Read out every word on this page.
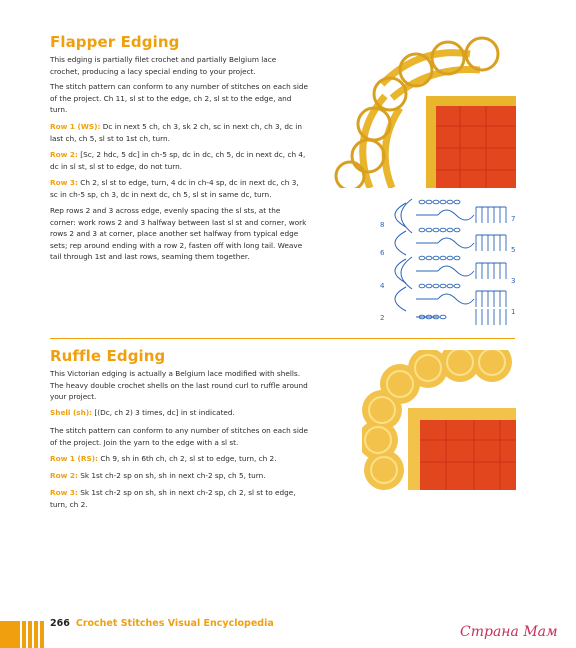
Flapper Edging

This edging is partially filet crochet and partially Belgium lace crochet, producing a lacy special ending to your project.

The stitch pattern can conform to any number of stitches on each side of the project. Ch 11, sl st to the edge, ch 2, sl st to the edge, and turn.

Row 1 (WS): Dc in next 5 ch, ch 3, sk 2 ch, sc in next ch, ch 3, dc in last ch, ch 5, sl st to 1st ch, turn.

Row 2: [Sc, 2 hdc, 5 dc] in ch-5 sp, dc in dc, ch 5, dc in next dc, ch 4, dc in sl st, sl st to edge, do not turn.

Row 3: Ch 2, sl st to edge, turn, 4 dc in ch-4 sp, dc in next dc, ch 3, sc in ch-5 sp, ch 3, dc in next dc, ch 5, sl st in same dc, turn.

Rep rows 2 and 3 across edge, evenly spacing the sl sts, at the corner: work rows 2 and 3 halfway between last sl st and corner, work rows 2 and 3 at corner, place another set halfway from typical edge sets; rep around ending with a row 2, fasten off with long tail. Weave tail through 1st and last rows, seaming them together.

8
6
4
2
7
5
3
1
Ruffle Edging

This Victorian edging is actually a Belgium lace modified with shells. The heavy double crochet shells on the last round curl to ruffle around your project.

Shell (sh): [(Dc, ch 2) 3 times, dc] in st indicated.

The stitch pattern can conform to any number of stitches on each side of the project. Join the yarn to the edge with a sl st.

Row 1 (RS): Ch 9, sh in 6th ch, ch 2, sl st to edge, turn, ch 2.

Row 2: Sk 1st ch-2 sp on sh, sh in next ch-2 sp, ch 5, turn.

Row 3: Sk 1st ch-2 sp on sh, sh in next ch-2 sp, ch 2, sl st to edge, turn, ch 2.

266 Crochet Stitches Visual Encyclopedia
Страна Мам
